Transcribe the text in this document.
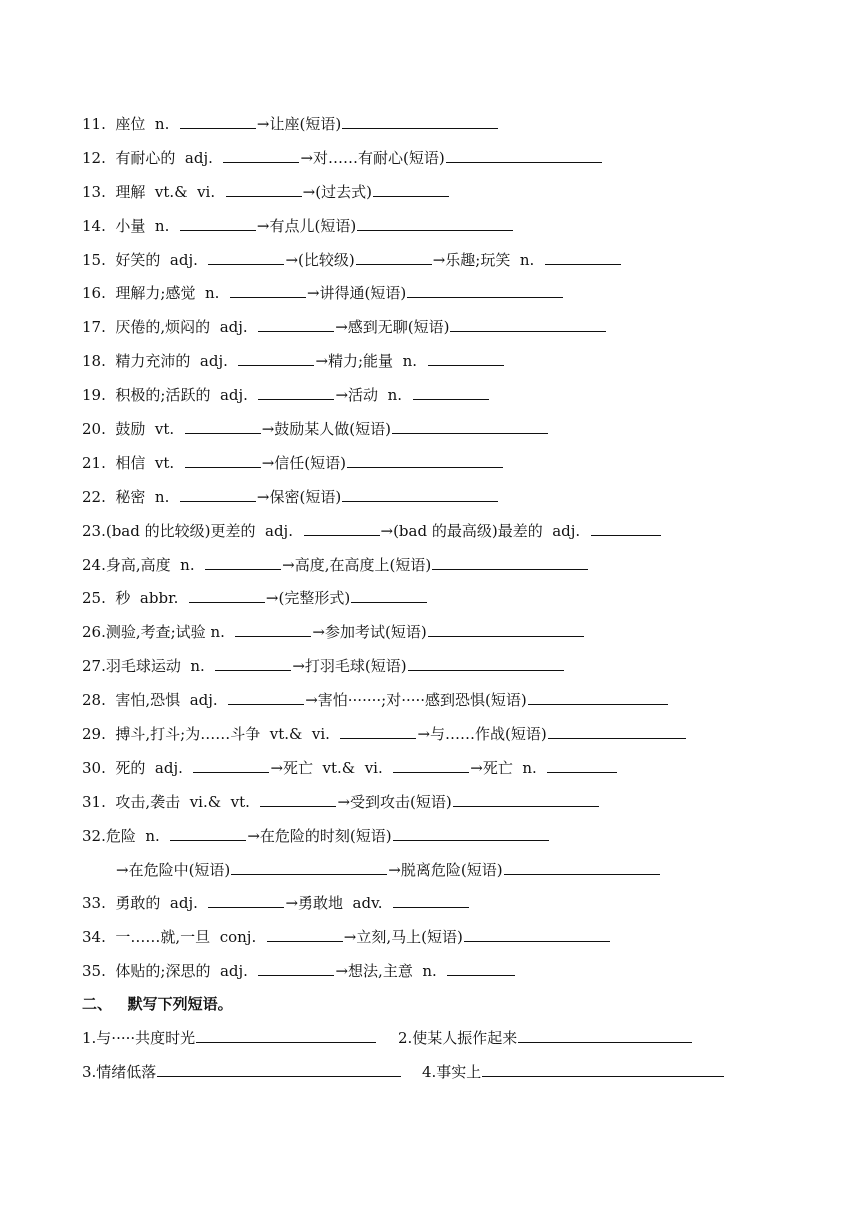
11.  座位  n.	→让座(短语)
12.  有耐心的  adj.	→对……有耐心(短语)
13.  理解  vt.&  vi.	→(过去式)
14.  小量  n.	→有点儿(短语)
15.  好笑的  adj.	→(比较级)	→乐趣;玩笑  n.
16.  理解力;感觉  n.	→讲得通(短语)
17.  厌倦的,烦闷的  adj.	→感到无聊(短语)
18.  精力充沛的  adj.	→精力;能量  n.
19.  积极的;活跃的  adj.	→活动  n.
20.  鼓励  vt.	→鼓励某人做(短语)
21.  相信  vt.	→信任(短语)
22.  秘密  n.	→保密(短语)
23.(bad 的比较级)更差的  adj.	→(bad 的最高级)最差的  adj.
24.身高,高度  n.	→高度,在高度上(短语)
25.  秒  abbr.	→(完整形式)
26.测验,考查;试验 n.	→参加考试(短语)
27.羽毛球运动  n.	→打羽毛球(短语)
28.  害怕,恐惧  adj.	→害怕·······;对·····感到恐惧(短语)
29.  搏斗,打斗;为……斗争  vt.&  vi.	→与……作战(短语)
30.  死的  adj.	→死亡  vt.&  vi.	→死亡  n.
31.  攻击,袭击  vi.&  vt.	→受到攻击(短语)
32.危险  n.	→在危险的时刻(短语)
→在危险中(短语)	→脱离危险(短语)
33.  勇敢的  adj.	→勇敢地  adv.
34.  一……就,一旦  conj.	→立刻,马上(短语)
35.  体贴的;深思的  adj.	→想法,主意  n.
二、   默写下列短语。
1.与·····共度时光	2.使某人振作起来
3.情绪低落	4.事实上
